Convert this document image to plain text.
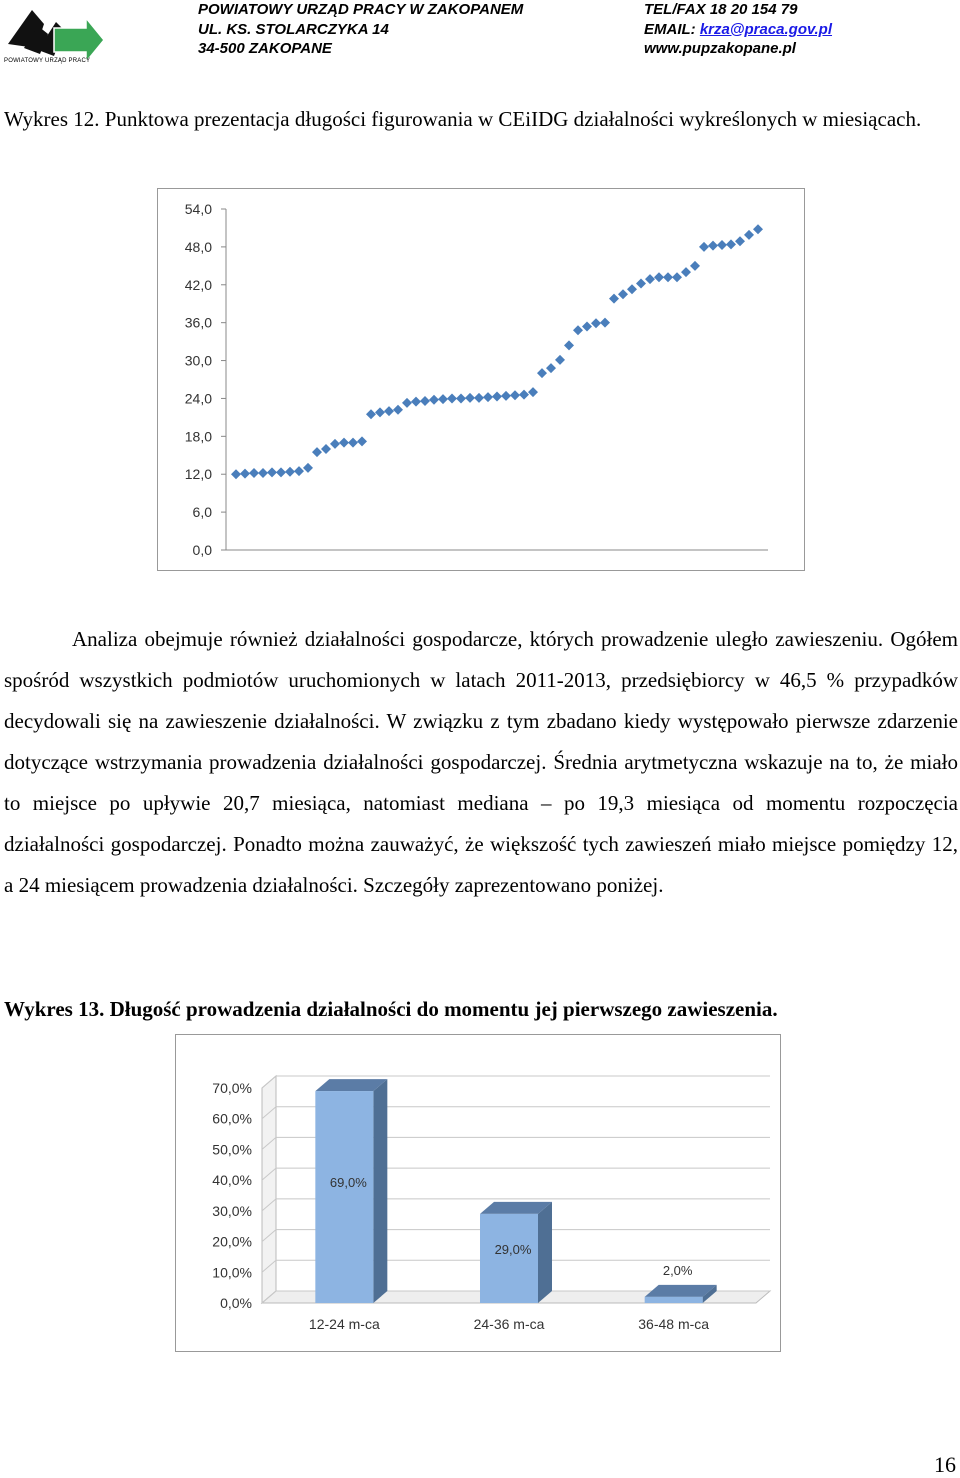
POWIATOWY URZĄD PRACY
POWIATOWY URZĄD PRACY W ZAKOPANEM
UL. KS. STOLARCZYKA 14
34-500 ZAKOPANE
TEL/FAX 18 20 154 79
EMAIL: krza@praca.gov.pl
www.pupzakopane.pl
Wykres 12. Punktowa prezentacja długości figurowania w CEiIDG działalności wykreślonych w miesiącach.
0,0
6,0
12,0
18,0
24,0
30,0
36,0
42,0
48,0
54,0
Analiza obejmuje również działalności gospodarcze, których prowadzenie uległo zawieszeniu. Ogółem spośród wszystkich podmiotów uruchomionych w latach 2011-2013, przedsiębiorcy w 46,5 % przypadków decydowali się na zawieszenie działalności. W związku z tym zbadano kiedy występowało pierwsze zdarzenie dotyczące wstrzymania prowadzenia działalności gospodarczej. Średnia arytmetyczna wskazuje na to, że miało to miejsce po upływie 20,7 miesiąca, natomiast mediana – po 19,3 miesiąca od momentu rozpoczęcia działalności gospodarczej. Ponadto można zauważyć, że większość tych zawieszeń miało miejsce pomiędzy 12, a 24 miesiącem prowadzenia działalności. Szczegóły zaprezentowano poniżej.
Wykres 13. Długość prowadzenia działalności do momentu jej pierwszego zawieszenia.
0,0%
10,0%
20,0%
30,0%
40,0%
50,0%
60,0%
70,0%
69,0%
12-24 m-ca
29,0%
24-36 m-ca
2,0%
36-48 m-ca
16
